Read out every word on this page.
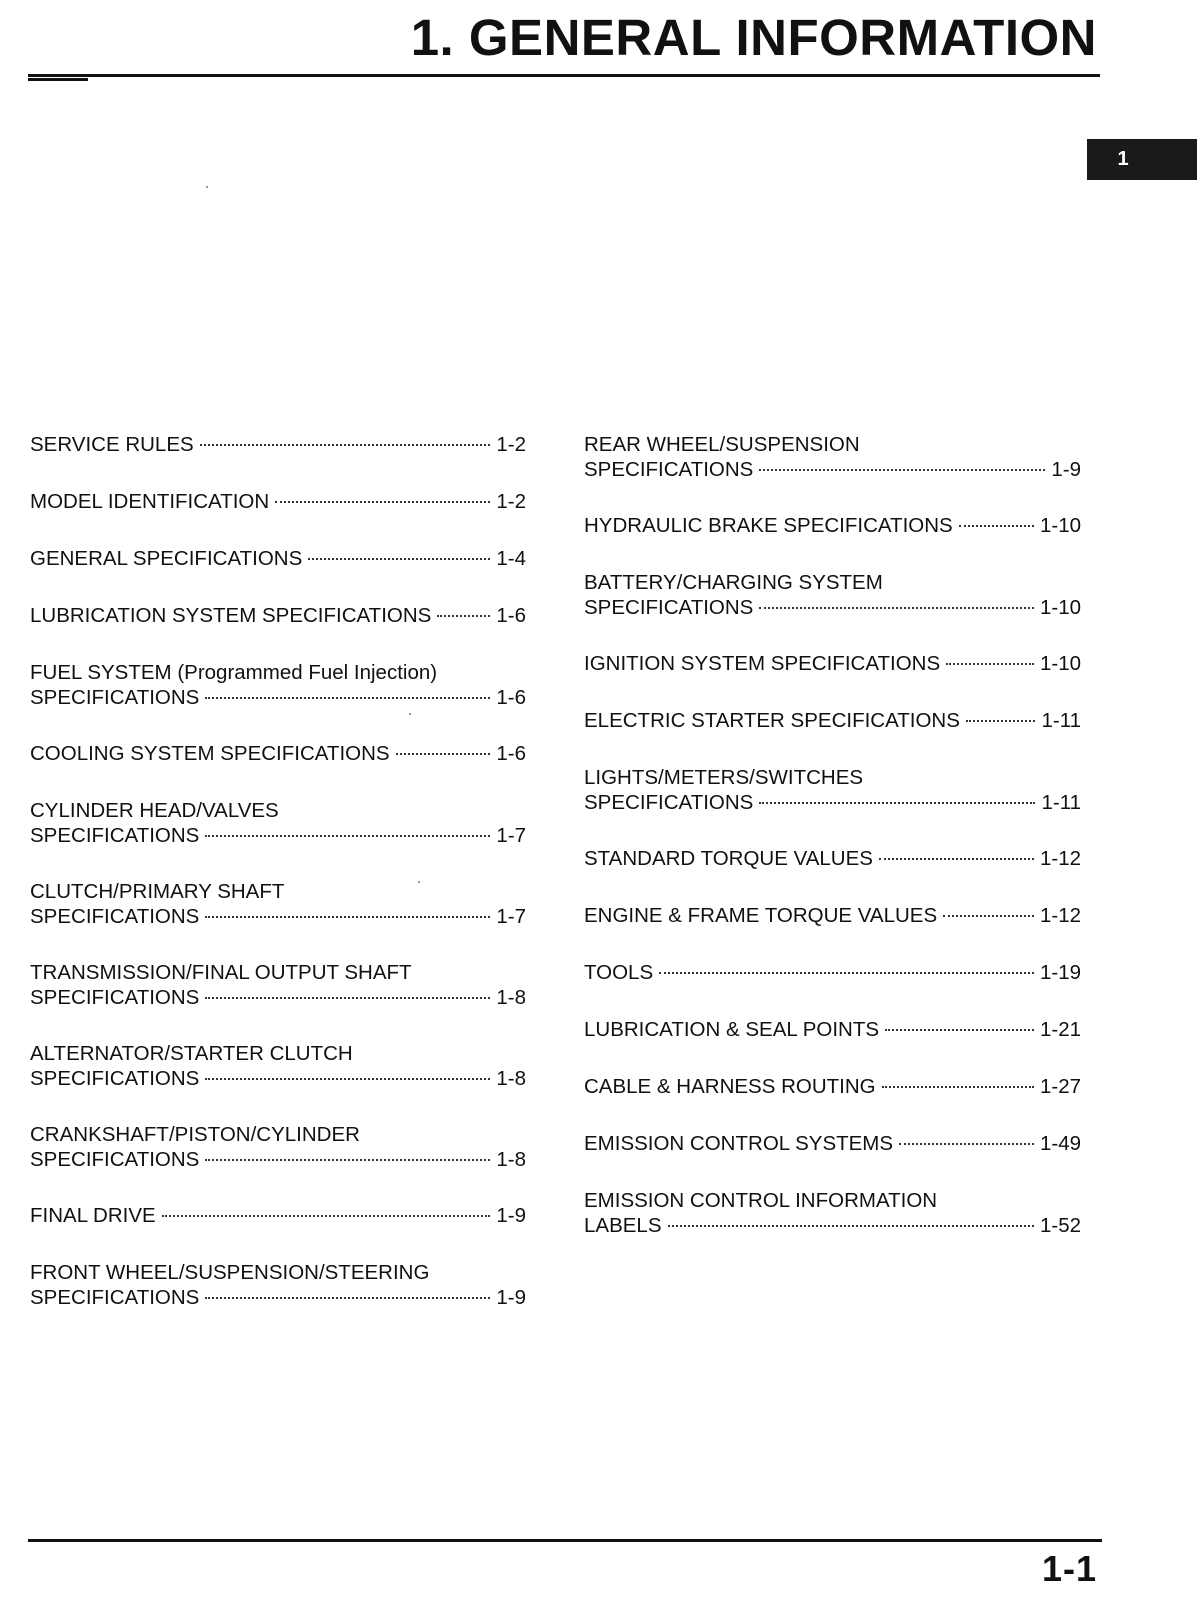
1. GENERAL INFORMATION
1
SERVICE RULES	1-2
MODEL IDENTIFICATION	1-2
GENERAL SPECIFICATIONS	1-4
LUBRICATION SYSTEM SPECIFICATIONS	1-6
FUEL SYSTEM (Programmed Fuel Injection)
SPECIFICATIONS	1-6
COOLING SYSTEM SPECIFICATIONS	1-6
CYLINDER HEAD/VALVES
SPECIFICATIONS	1-7
CLUTCH/PRIMARY SHAFT
SPECIFICATIONS	1-7
TRANSMISSION/FINAL OUTPUT SHAFT
SPECIFICATIONS	1-8
ALTERNATOR/STARTER CLUTCH
SPECIFICATIONS	1-8
CRANKSHAFT/PISTON/CYLINDER
SPECIFICATIONS	1-8
FINAL DRIVE	1-9
FRONT WHEEL/SUSPENSION/STEERING
SPECIFICATIONS	1-9
REAR WHEEL/SUSPENSION
SPECIFICATIONS	1-9
HYDRAULIC BRAKE SPECIFICATIONS	1-10
BATTERY/CHARGING SYSTEM
SPECIFICATIONS	1-10
IGNITION SYSTEM SPECIFICATIONS	1-10
ELECTRIC STARTER SPECIFICATIONS	1-11
LIGHTS/METERS/SWITCHES
SPECIFICATIONS	1-11
STANDARD TORQUE VALUES	1-12
ENGINE & FRAME TORQUE VALUES	1-12
TOOLS	1-19
LUBRICATION & SEAL POINTS	1-21
CABLE & HARNESS ROUTING	1-27
EMISSION CONTROL SYSTEMS	1-49
EMISSION CONTROL INFORMATION
LABELS	1-52
1-1
